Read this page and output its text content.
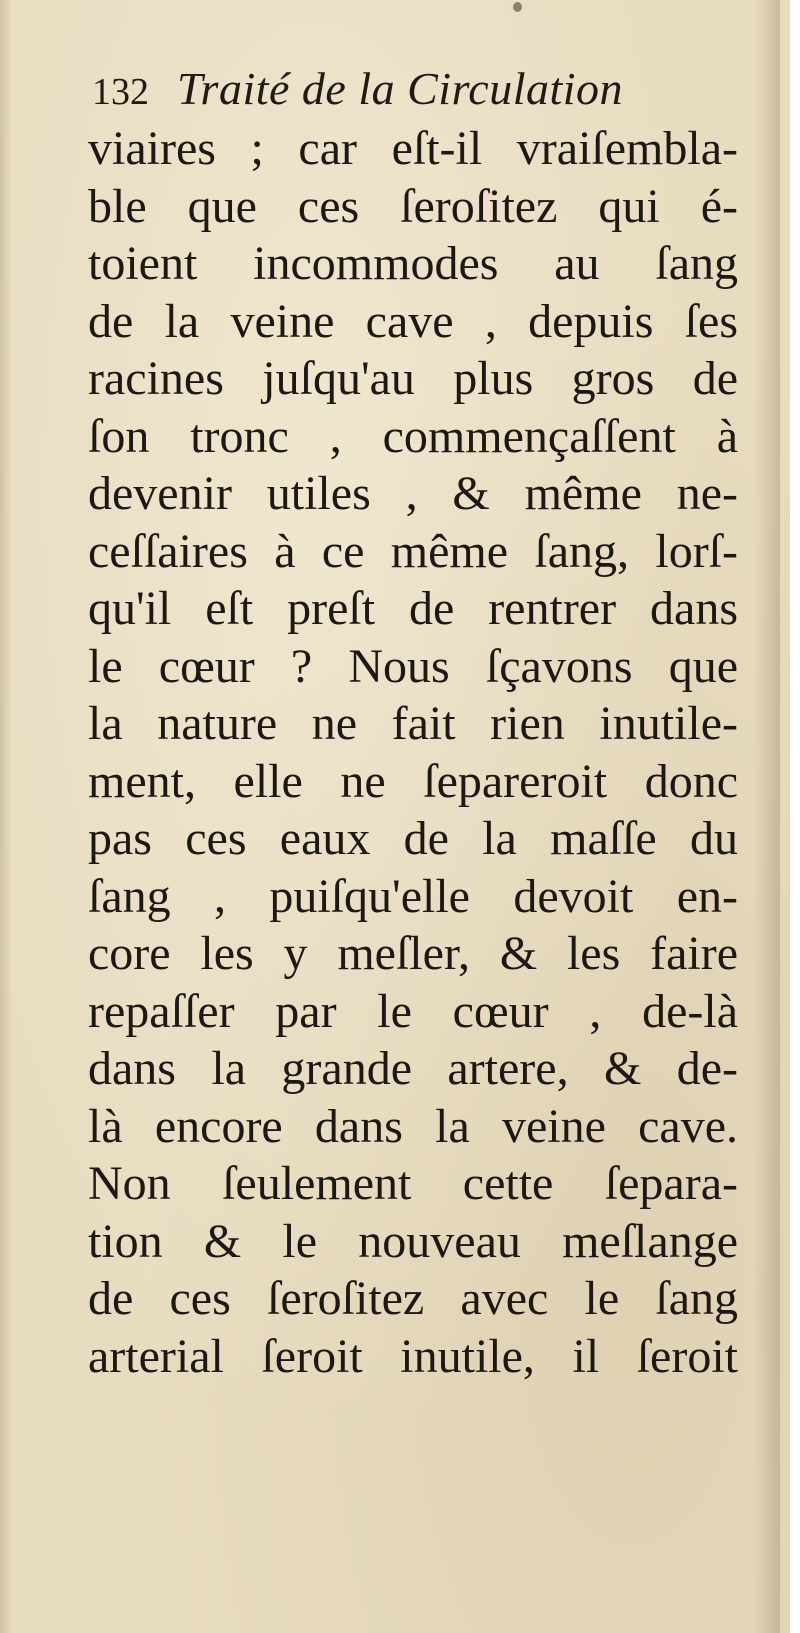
132 Traité de la Circulation
viaires ; car eſt-il vraiſembla-
ble que ces ſeroſitez qui é-
toient incommodes au ſang
de la veine cave , depuis ſes
racines juſqu'au plus gros de
ſon tronc , commençaſſent à
devenir utiles , & même ne-
ceſſaires à ce même ſang, lorſ-
qu'il eſt preſt de rentrer dans
le cœur ? Nous ſçavons que
la nature ne fait rien inutile-
ment, elle ne ſepareroit donc
pas ces eaux de la maſſe du
ſang , puiſqu'elle devoit en-
core les y meſler, & les faire
repaſſer par le cœur , de-là
dans la grande artere, & de-
là encore dans la veine cave.
Non ſeulement cette ſepara-
tion & le nouveau meſlange
de ces ſeroſitez avec le ſang
arterial ſeroit inutile, il ſeroit
